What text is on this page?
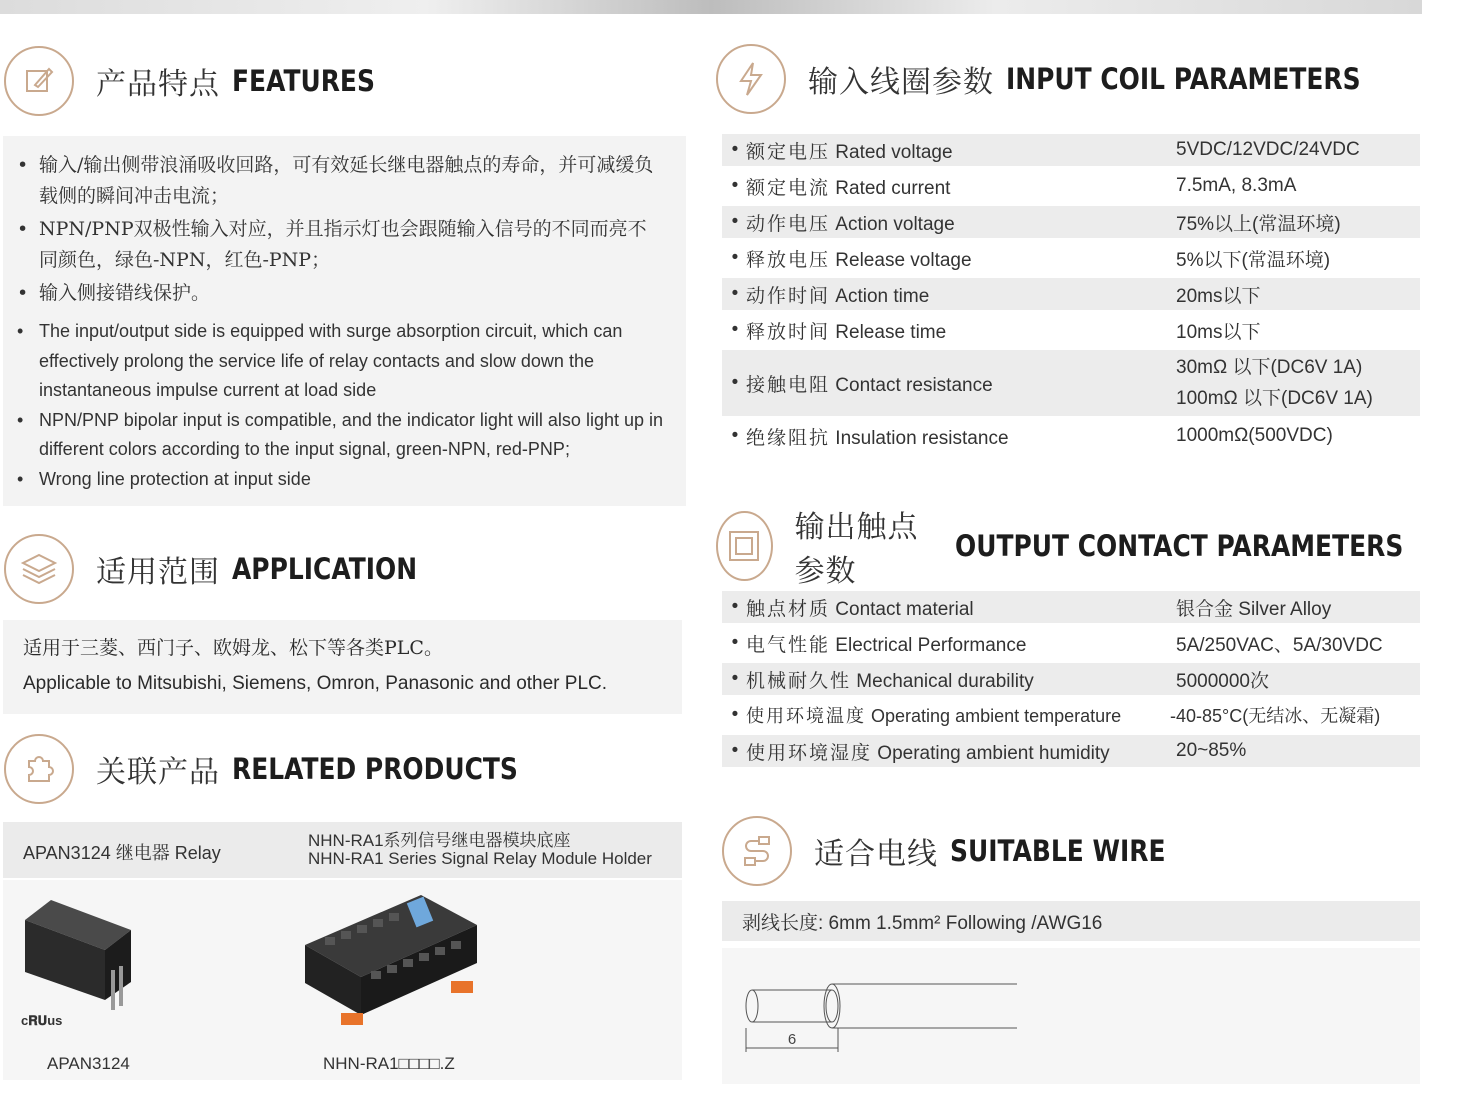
产品特点 FEATURES
• 输入/输出侧带浪涌吸收回路，可有效延长继电器触点的寿命，并可减缓负载侧的瞬间冲击电流；
• NPN/PNP双极性输入对应，并且指示灯也会跟随输入信号的不同而亮不同颜色，绿色-NPN，红色-PNP；
• 输入侧接错线保护。
• The input/output side is equipped with surge absorption circuit, which can effectively prolong the service life of relay contacts and slow down the instantaneous impulse current at load side
• NPN/PNP bipolar input is compatible, and the indicator light will also light up in different colors according to the input signal, green-NPN, red-PNP;
• Wrong line protection at input side
适用范围 APPLICATION
适用于三菱、西门子、欧姆龙、松下等各类PLC。
Applicable to Mitsubishi, Siemens, Omron, Panasonic and other PLC.
关联产品 RELATED PRODUCTS
APAN3124 继电器 Relay
NHN-RA1系列信号继电器模块底座
NHN-RA1 Series Signal Relay Module Holder
c𝐑𝐔us
APAN3124	NHN-RA1□□□□.Z
输入线圈参数 INPUT COIL PARAMETERS
• 额定电压 Rated voltage	5VDC/12VDC/24VDC
• 额定电流 Rated current	7.5mA, 8.3mA
• 动作电压 Action voltage	75%以上(常温环境)
• 释放电压 Release voltage	5%以下(常温环境)
• 动作时间 Action time	20ms以下
• 释放时间 Release time	10ms以下
• 接触电阻 Contact resistance
30mΩ 以下(DC6V 1A)
100mΩ 以下(DC6V 1A)
• 绝缘阻抗 Insulation resistance	1000mΩ(500VDC)
输出触点参数
OUTPUT CONTACT PARAMETERS
• 触点材质 Contact material	银合金 Silver Alloy
• 电气性能 Electrical Performance	5A/250VAC、5A/30VDC
• 机械耐久性 Mechanical durability	5000000次
• 使用环境温度 Operating ambient temperature	-40-85°C(无结冰、无凝霜)
• 使用环境湿度 Operating ambient humidity	20~85%
适合电线 SUITABLE WIRE
剥线长度: 6mm 1.5mm² Following /AWG16
6
